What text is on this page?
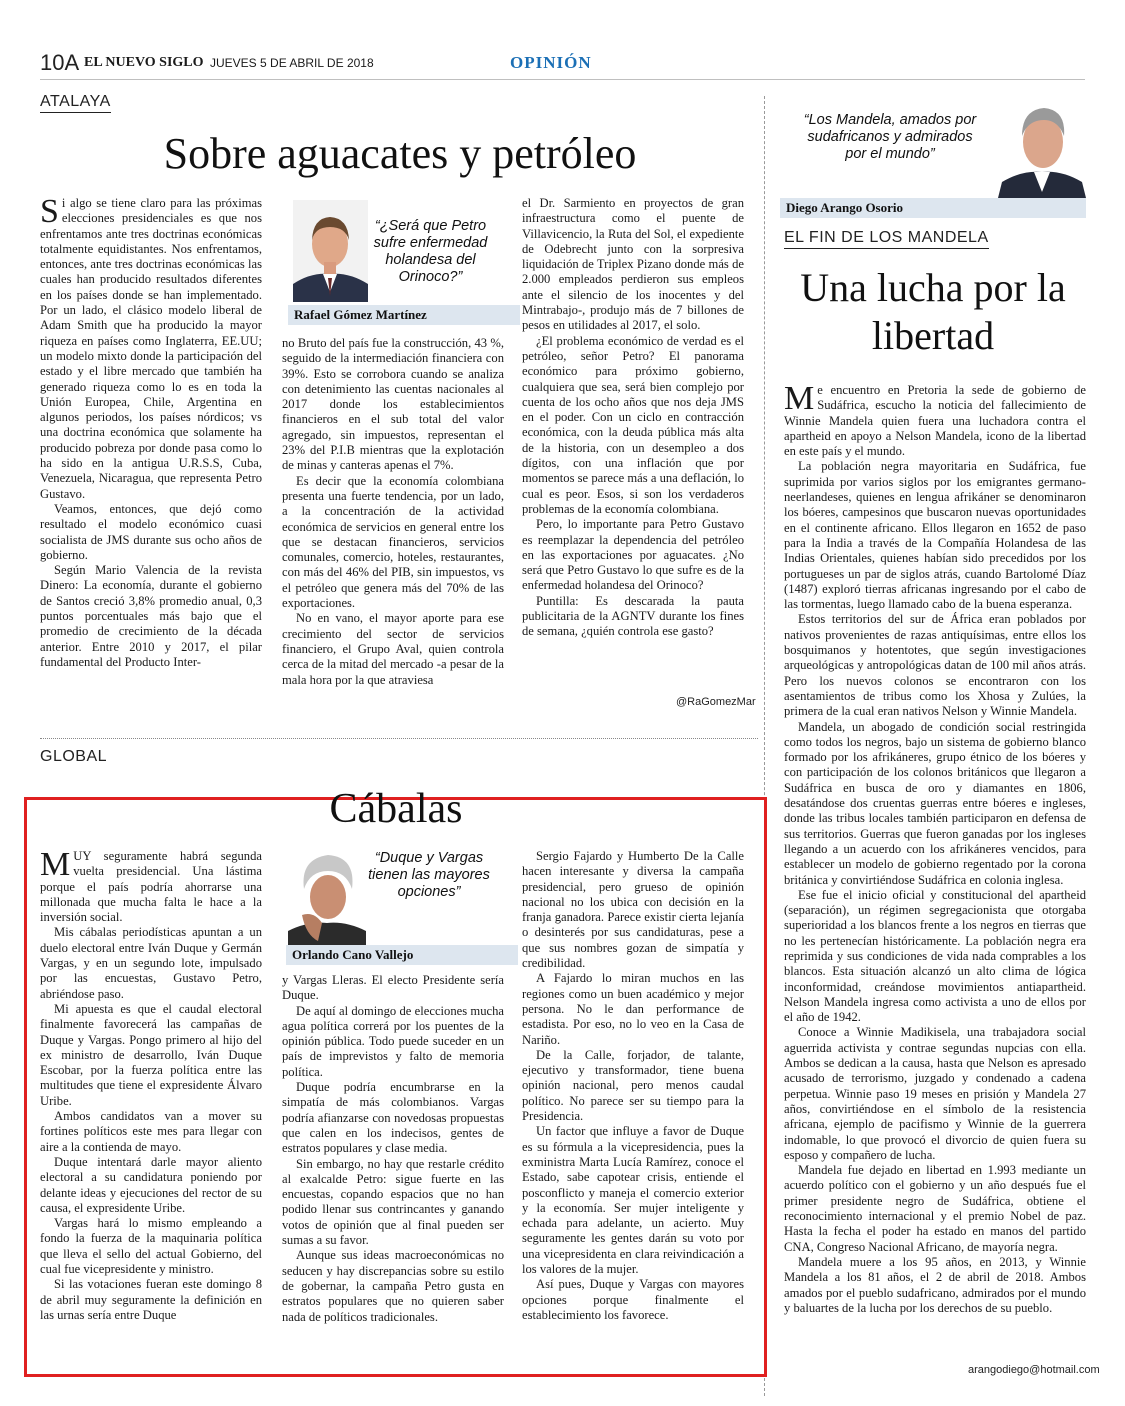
10A EL NUEVO SIGLO JUEVES 5 DE ABRIL DE 2018	OPINIÓN
ATALAYA
Sobre aguacates y petróleo

Si algo se tiene claro para las próximas elecciones presidenciales es que nos enfrentamos ante tres doctrinas económicas totalmente equidistantes. Nos enfrentamos, entonces, ante tres doctrinas económicas las cuales han producido resultados diferentes en los países donde se han implementado. Por un lado, el clásico modelo liberal de Adam Smith que ha producido la mayor riqueza en países como Inglaterra, EE.UU; un modelo mixto donde la participación del estado y el libre mercado que también ha generado riqueza como lo es en toda la Unión Europea, Chile, Argentina en algunos periodos, los países nórdicos; vs una doctrina económica que solamente ha producido pobreza por donde pasa como lo ha sido en la antigua U.R.S.S, Cuba, Venezuela, Nicaragua, que representa Petro Gustavo.

Veamos, entonces, que dejó como resultado el modelo económico cuasi socialista de JMS durante sus ocho años de gobierno.

Según Mario Valencia de la revista Dinero: La economía, durante el gobierno de Santos creció 3,8% promedio anual, 0,3 puntos porcentuales más bajo que el promedio de crecimiento de la década anterior. Entre 2010 y 2017, el pilar fundamental del Producto Inter-

“¿Será que Petro sufre enfermedad holandesa del Orinoco?”
Rafael Gómez Martínez

no Bruto del país fue la construcción, 43 %, seguido de la intermediación financiera con 39%. Esto se corrobora cuando se analiza con detenimiento las cuentas nacionales al 2017 donde los establecimientos financieros en el sub total del valor agregado, sin impuestos, representan el 23% del P.I.B mientras que la explotación de minas y canteras apenas el 7%.

Es decir que la economía colombiana presenta una fuerte tendencia, por un lado, a la concentración de la actividad económica de servicios en general entre los que se destacan financieros, servicios comunales, comercio, hoteles, restaurantes, con más del 46% del PIB, sin impuestos, vs el petróleo que genera más del 70% de las exportaciones.

No en vano, el mayor aporte para ese crecimiento del sector de servicios financiero, el Grupo Aval, quien controla cerca de la mitad del mercado -a pesar de la mala hora por la que atraviesa

el Dr. Sarmiento en proyectos de gran infraestructura como el puente de Villavicencio, la Ruta del Sol, el expediente de Odebrecht junto con la sorpresiva liquidación de Triplex Pizano donde más de 2.000 empleados perdieron sus empleos ante el silencio de los inocentes y del Mintrabajo-, produjo más de 7 billones de pesos en utilidades al 2017, el solo.

¿El problema económico de verdad es el petróleo, señor Petro? El panorama económico para próximo gobierno, cualquiera que sea, será bien complejo por cuenta de los ocho años que nos deja JMS en el poder. Con un ciclo en contracción económica, con la deuda pública más alta de la historia, con un desempleo a dos dígitos, con una inflación que por momentos se parece más a una deflación, lo cual es peor. Esos, si son los verdaderos problemas de la economía colombiana.

Pero, lo importante para Petro Gustavo es reemplazar la dependencia del petróleo en las exportaciones por aguacates. ¿No será que Petro Gustavo lo que sufre es de la enfermedad holandesa del Orinoco?

Puntilla: Es descarada la pauta publicitaria de la AGNTV durante los fines de semana, ¿quién controla ese gasto?

@RaGomezMar
GLOBAL
Cábalas

MUY seguramente habrá segunda vuelta presidencial. Una lástima porque el país podría ahorrarse una millonada que mucha falta le hace a la inversión social.

Mis cábalas periodísticas apuntan a un duelo electoral entre Iván Duque y Germán Vargas, y en un segundo lote, impulsado por las encuestas, Gustavo Petro, abriéndose paso.

Mi apuesta es que el caudal electoral finalmente favorecerá las campañas de Duque y Vargas. Pongo primero al hijo del ex ministro de desarrollo, Iván Duque Escobar, por la fuerza política entre las multitudes que tiene el expresidente Álvaro Uribe.

Ambos candidatos van a mover su fortines políticos este mes para llegar con aire a la contienda de mayo.

Duque intentará darle mayor aliento electoral a su candidatura poniendo por delante ideas y ejecuciones del rector de su causa, el expresidente Uribe.

Vargas hará lo mismo empleando a fondo la fuerza de la maquinaria política que lleva el sello del actual Gobierno, del cual fue vicepresidente y ministro.

Si las votaciones fueran este domingo 8 de abril muy seguramente la definición en las urnas sería entre Duque

“Duque y Vargas tienen las mayores opciones”
Orlando Cano Vallejo

y Vargas Lleras. El electo Presidente sería Duque.

De aquí al domingo de elecciones mucha agua política correrá por los puentes de la opinión pública. Todo puede suceder en un país de imprevistos y falto de memoria política.

Duque podría encumbrarse en la simpatía de más colombianos. Vargas podría afianzarse con novedosas propuestas que calen en los indecisos, gentes de estratos populares y clase media.

Sin embargo, no hay que restarle crédito al exalcalde Petro: sigue fuerte en las encuestas, copando espacios que no han podido llenar sus contrincantes y ganando votos de opinión que al final pueden ser sumas a su favor.

Aunque sus ideas macroeconómicas no seducen y hay discrepancias sobre su estilo de gobernar, la campaña Petro gusta en estratos populares que no quieren saber nada de políticos tradicionales.

Sergio Fajardo y Humberto De la Calle hacen interesante y diversa la campaña presidencial, pero grueso de opinión nacional no los ubica con decisión en la franja ganadora. Parece existir cierta lejanía o desinterés por sus candidaturas, pese a que sus nombres gozan de simpatía y credibilidad.

A Fajardo lo miran muchos en las regiones como un buen académico y mejor persona. No le dan performance de estadista. Por eso, no lo veo en la Casa de Nariño.

De la Calle, forjador, de talante, ejecutivo y transformador, tiene buena opinión nacional, pero menos caudal político. No parece ser su tiempo para la Presidencia.

Un factor que influye a favor de Duque es su fórmula a la vicepresidencia, pues la exministra Marta Lucía Ramírez, conoce el Estado, sabe capotear crisis, entiende el posconflicto y maneja el comercio exterior y la economía. Ser mujer inteligente y echada para adelante, un acierto. Muy seguramente les gentes darán su voto por una vicepresidenta en clara reivindicación a los valores de la mujer.

Así pues, Duque y Vargas con mayores opciones porque finalmente el establecimiento los favorece.

“Los Mandela, amados por sudafricanos y admirados por el mundo”
Diego Arango Osorio
EL FIN DE LOS MANDELA
Una lucha por la libertad

Me encuentro en Pretoria la sede de gobierno de Sudáfrica, escucho la noticia del fallecimiento de Winnie Mandela quien fuera una luchadora contra el apartheid en apoyo a Nelson Mandela, icono de la libertad en este país y el mundo.

La población negra mayoritaria en Sudáfrica, fue suprimida por varios siglos por los emigrantes germano-neerlandeses, quienes en lengua afrikáner se denominaron los bóeres, campesinos que buscaron nuevas oportunidades en el continente africano. Ellos llegaron en 1652 de paso para la India a través de la Compañía Holandesa de las Indias Orientales, quienes habían sido precedidos por los portugueses un par de siglos atrás, cuando Bartolomé Díaz (1487) exploró tierras africanas ingresando por el cabo de las tormentas, luego llamado cabo de la buena esperanza.

Estos territorios del sur de África eran poblados por nativos provenientes de razas antiquísimas, entre ellos los bosquimanos y hotentotes, que según investigaciones arqueológicas y antropológicas datan de 100 mil años atrás. Pero los nuevos colonos se encontraron con los asentamientos de tribus como los Xhosa y Zulúes, la primera de la cual eran nativos Nelson y Winnie Mandela.

Mandela, un abogado de condición social restringida como todos los negros, bajo un sistema de gobierno blanco formado por los afrikáneres, grupo étnico de los bóeres y con participación de los colonos británicos que llegaron a Sudáfrica en busca de oro y diamantes en 1806, desatándose dos cruentas guerras entre bóeres e ingleses, donde las tribus locales también participaron en defensa de sus territorios. Guerras que fueron ganadas por los ingleses llegando a un acuerdo con los afrikáneres vencidos, para establecer un modelo de gobierno regentado por la corona británica y convirtiéndose Sudáfrica en colonia inglesa.

Ese fue el inicio oficial y constitucional del apartheid (separación), un régimen segregacionista que otorgaba superioridad a los blancos frente a los negros en tierras que no les pertenecían históricamente. La población negra era reprimida y sus condiciones de vida nada comprables a los blancos. Esta situación alcanzó un alto clima de lógica inconformidad, creándose movimientos antiapartheid. Nelson Mandela ingresa como activista a uno de ellos por el año de 1942.

Conoce a Winnie Madikisela, una trabajadora social aguerrida activista y contrae segundas nupcias con ella. Ambos se dedican a la causa, hasta que Nelson es apresado acusado de terrorismo, juzgado y condenado a cadena perpetua. Winnie paso 19 meses en prisión y Mandela 27 años, convirtiéndose en el símbolo de la resistencia africana, ejemplo de pacifismo y Winnie de la guerrera indomable, lo que provocó el divorcio de quien fuera su esposo y compañero de lucha.

Mandela fue dejado en libertad en 1.993 mediante un acuerdo político con el gobierno y un año después fue el primer presidente negro de Sudáfrica, obtiene el reconocimiento internacional y el premio Nobel de paz. Hasta la fecha el poder ha estado en manos del partido CNA, Congreso Nacional Africano, de mayoría negra.

Mandela muere a los 95 años, en 2013, y Winnie Mandela a los 81 años, el 2 de abril de 2018. Ambos amados por el pueblo sudafricano, admirados por el mundo y baluartes de la lucha por los derechos de su pueblo.

arangodiego@hotmail.com
